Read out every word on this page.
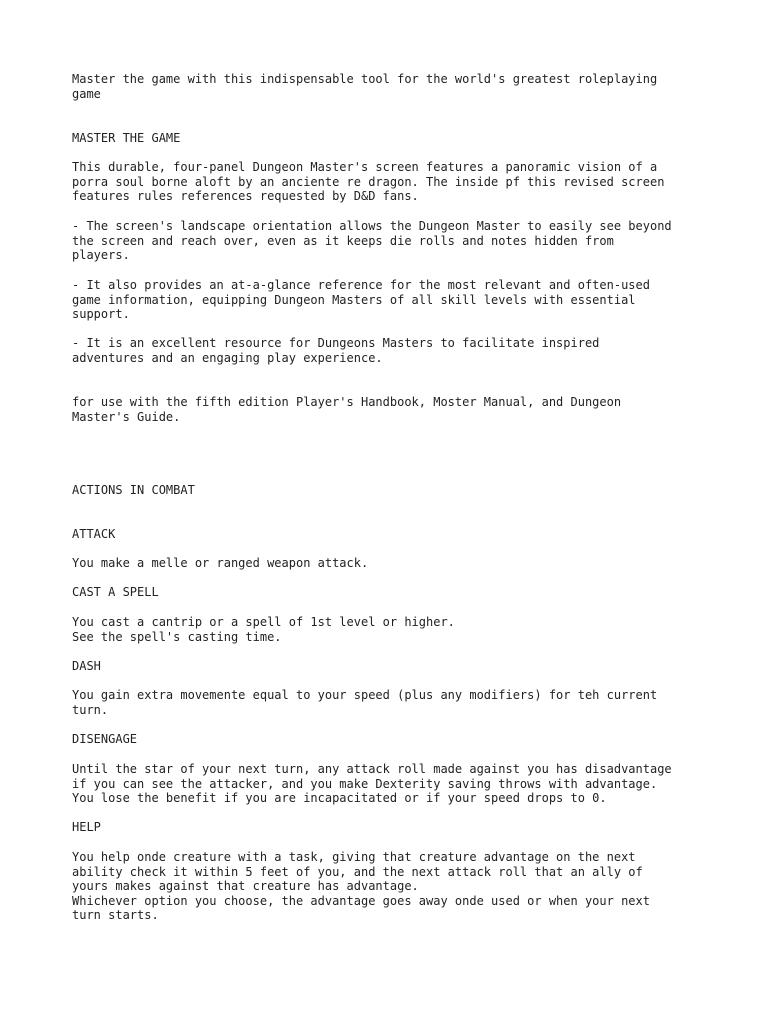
Master the game with this indispensable tool for the world's greatest roleplaying
game

MASTER THE GAME

This durable, four-panel Dungeon Master's screen features a panoramic vision of a
porra soul borne aloft by an anciente re dragon. The inside pf this revised screen
features rules references requested by D&D fans.

- The screen's landscape orientation allows the Dungeon Master to easily see beyond
the screen and reach over, even as it keeps die rolls and notes hidden from
players.

- It also provides an at-a-glance reference for the most relevant and often-used
game information, equipping Dungeon Masters of all skill levels with essential
support.

- It is an excellent resource for Dungeons Masters to facilitate inspired
adventures and an engaging play experience.

for use with the fifth edition Player's Handbook, Moster Manual, and Dungeon
Master's Guide.

ACTIONS IN COMBAT

ATTACK

You make a melle or ranged weapon attack.

CAST A SPELL

You cast a cantrip or a spell of 1st level or higher.
See the spell's casting time.

DASH

You gain extra movemente equal to your speed (plus any modifiers) for teh current
turn.

DISENGAGE

Until the star of your next turn, any attack roll made against you has disadvantage
if you can see the attacker, and you make Dexterity saving throws with advantage.
You lose the benefit if you are incapacitated or if your speed drops to 0.

HELP

You help onde creature with a task, giving that creature advantage on the next
ability check it within 5 feet of you, and the next attack roll that an ally of
yours makes against that creature has advantage.
Whichever option you choose, the advantage goes away onde used or when your next
turn starts.
